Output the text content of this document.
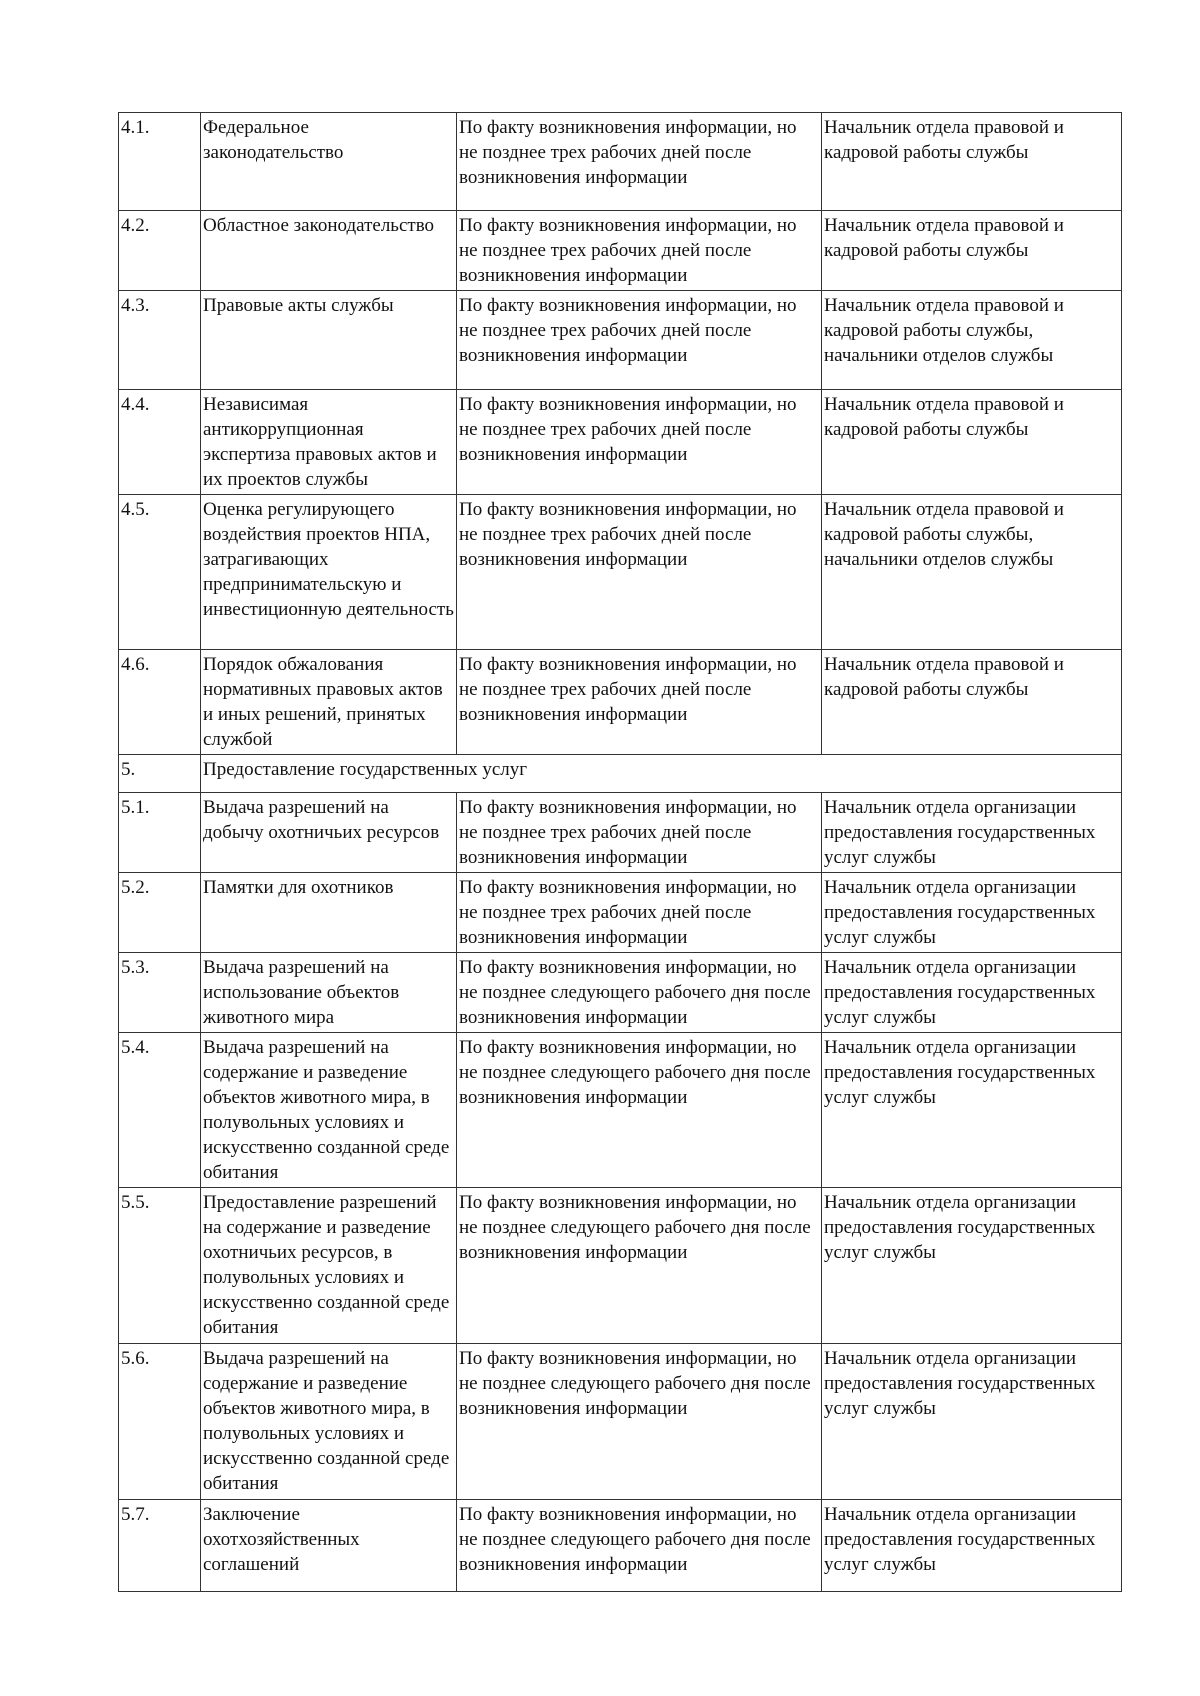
4.1.	Федеральное законодательство	По факту возникновения информации, но не позднее трех рабочих дней после возникновения информации	Начальник отдела правовой и кадровой работы службы
4.2.	Областное законодательство	По факту возникновения информации, но не позднее трех рабочих дней после возникновения информации	Начальник отдела правовой и кадровой работы службы
4.3.	Правовые акты службы	По факту возникновения информации, но не позднее трех рабочих дней после возникновения информации	Начальник отдела правовой и кадровой работы службы, начальники отделов службы
4.4.	Независимая антикоррупционная экспертиза правовых актов и их проектов службы	По факту возникновения информации, но не позднее трех рабочих дней после возникновения информации	Начальник отдела правовой и кадровой работы службы
4.5.	Оценка регулирующего воздействия проектов НПА, затрагивающих предпринимательскую и инвестиционную деятельность	По факту возникновения информации, но не позднее трех рабочих дней после возникновения информации	Начальник отдела правовой и кадровой работы службы, начальники отделов службы
4.6.	Порядок обжалования нормативных правовых актов и иных решений, принятых службой	По факту возникновения информации, но не позднее трех рабочих дней после возникновения информации	Начальник отдела правовой и кадровой работы службы
5.	Предоставление государственных услуг		
5.1.	Выдача разрешений на добычу охотничьих ресурсов	По факту возникновения информации, но не позднее трех рабочих дней после возникновения информации	Начальник отдела организации предоставления государственных услуг службы
5.2.	Памятки для охотников	По факту возникновения информации, но не позднее трех рабочих дней после возникновения информации	Начальник отдела организации предоставления государственных услуг службы
5.3.	Выдача разрешений на использование объектов животного мира	По факту возникновения информации, но не позднее следующего рабочего дня после возникновения информации	Начальник отдела организации предоставления государственных услуг службы
5.4.	Выдача разрешений на содержание и разведение объектов животного мира, в полувольных условиях и искусственно созданной среде обитания	По факту возникновения информации, но не позднее следующего рабочего дня после возникновения информации	Начальник отдела организации предоставления государственных услуг службы
5.5.	Предоставление разрешений на содержание и разведение охотничьих ресурсов, в полувольных условиях и искусственно созданной среде обитания	По факту возникновения информации, но не позднее следующего рабочего дня после возникновения информации	Начальник отдела организации предоставления государственных услуг службы
5.6.	Выдача разрешений на содержание и разведение объектов животного мира, в полувольных условиях и искусственно созданной среде обитания	По факту возникновения информации, но не позднее следующего рабочего дня после возникновения информации	Начальник отдела организации предоставления государственных услуг службы
5.7.	Заключение охотхозяйственных соглашений	По факту возникновения информации, но не позднее следующего рабочего дня после возникновения информации	Начальник отдела организации предоставления государственных услуг службы
